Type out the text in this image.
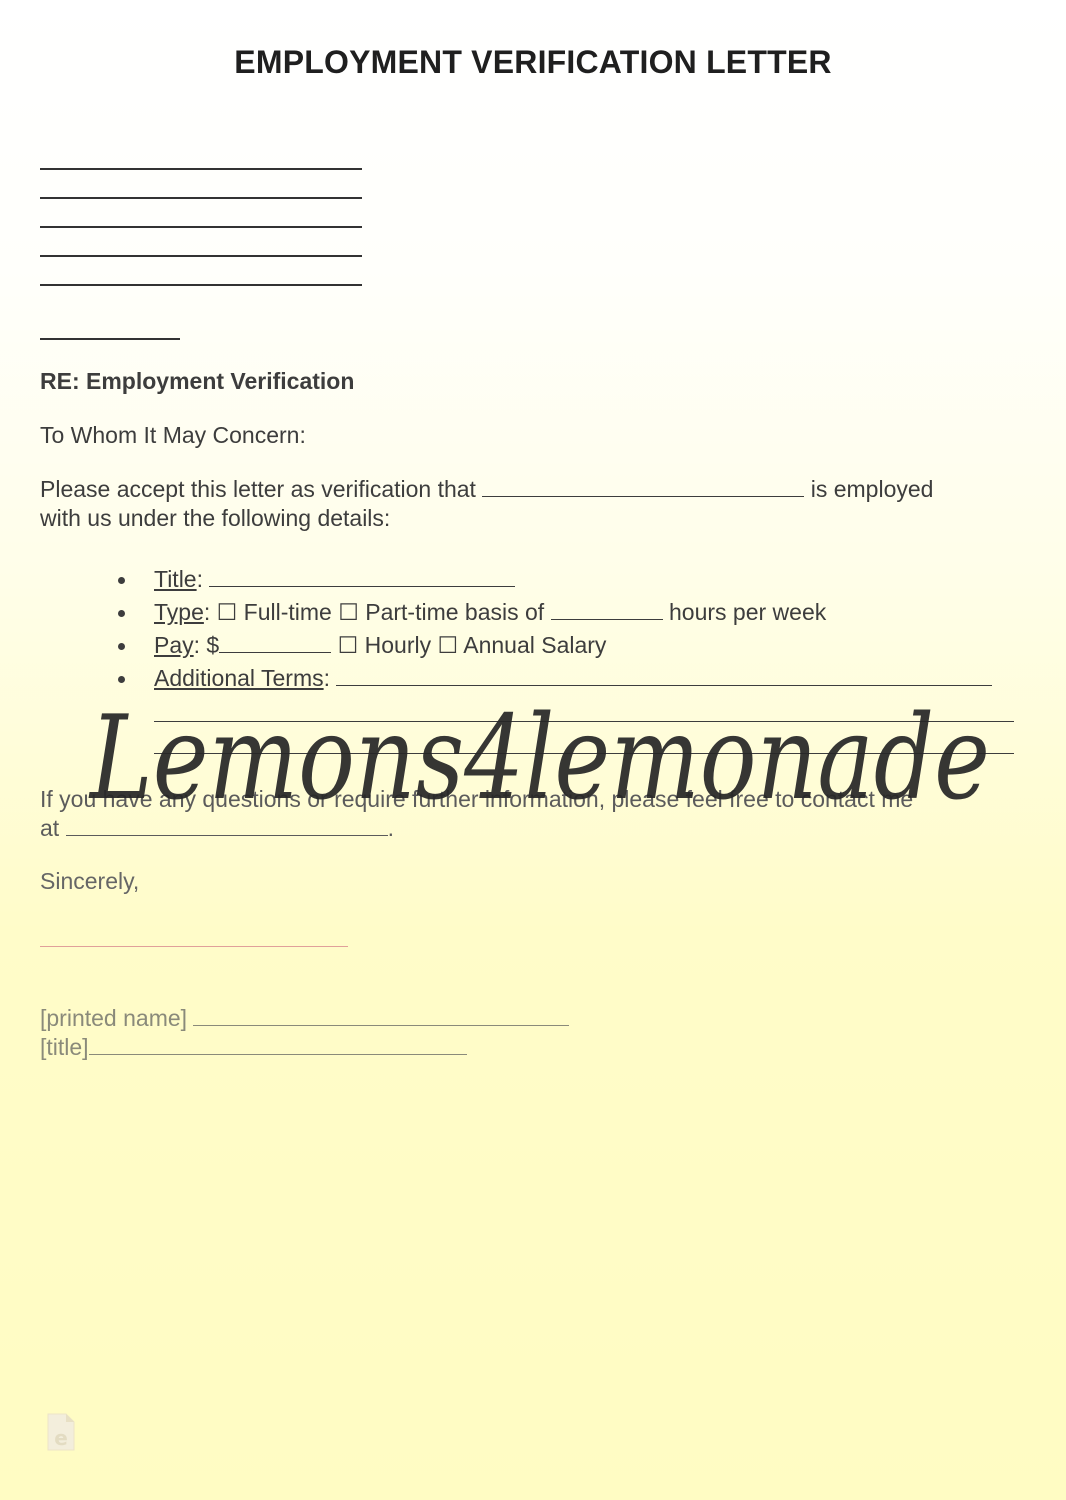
EMPLOYMENT VERIFICATION LETTER
RE: Employment Verification
To Whom It May Concern:
Please accept this letter as verification that	is employed
with us under the following details:
Title:
Type: ☐ Full-time ☐ Part-time basis of	hours per week
Pay: $	☐ Hourly ☐ Annual Salary
Additional Terms:
If you have any questions or require further information, please feel free to contact me
at	.
Sincerely,
[printed name]
[title]
Lemons4lemonade
e
